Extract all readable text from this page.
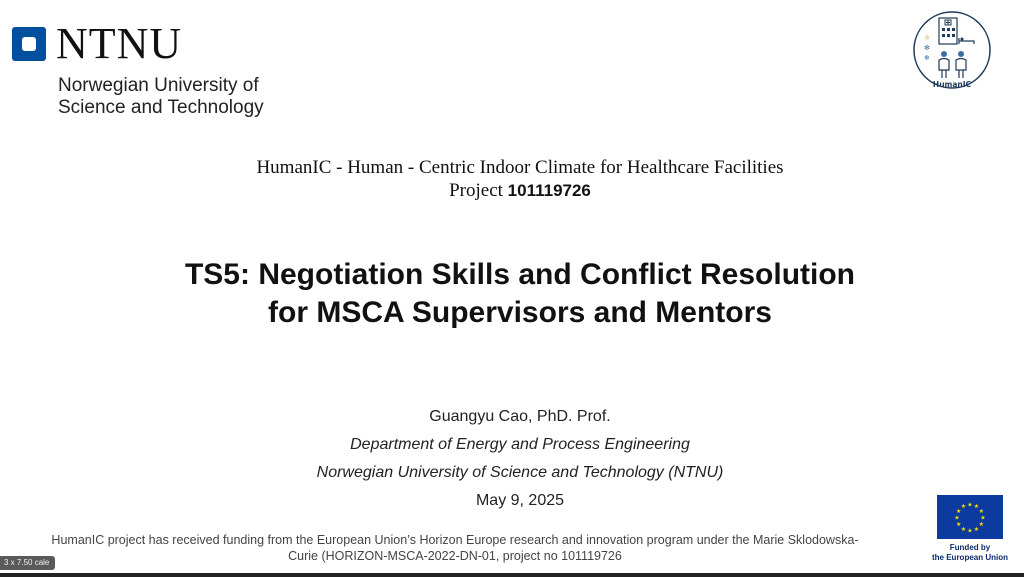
NTNU
Norwegian University of
Science and Technology
☼
✻
❄
HumanIC
HumanIC - Human - Centric Indoor Climate for Healthcare Facilities
Project 101119726
TS5: Negotiation Skills and Conflict Resolution
for MSCA Supervisors and Mentors
Guangyu Cao, PhD. Prof.
Department of Energy and Process Engineering
Norwegian University of Science and Technology (NTNU)
May 9, 2025
HumanIC project has received funding from the European Union’s Horizon Europe research and innovation program under the Marie Sklodowska-
Curie (HORIZON-MSCA-2022-DN-01, project no 101119726
★ ★
★
★
★
★
★
★
★
★
★
★
Funded by
the European Union
3 x 7.50 cale
